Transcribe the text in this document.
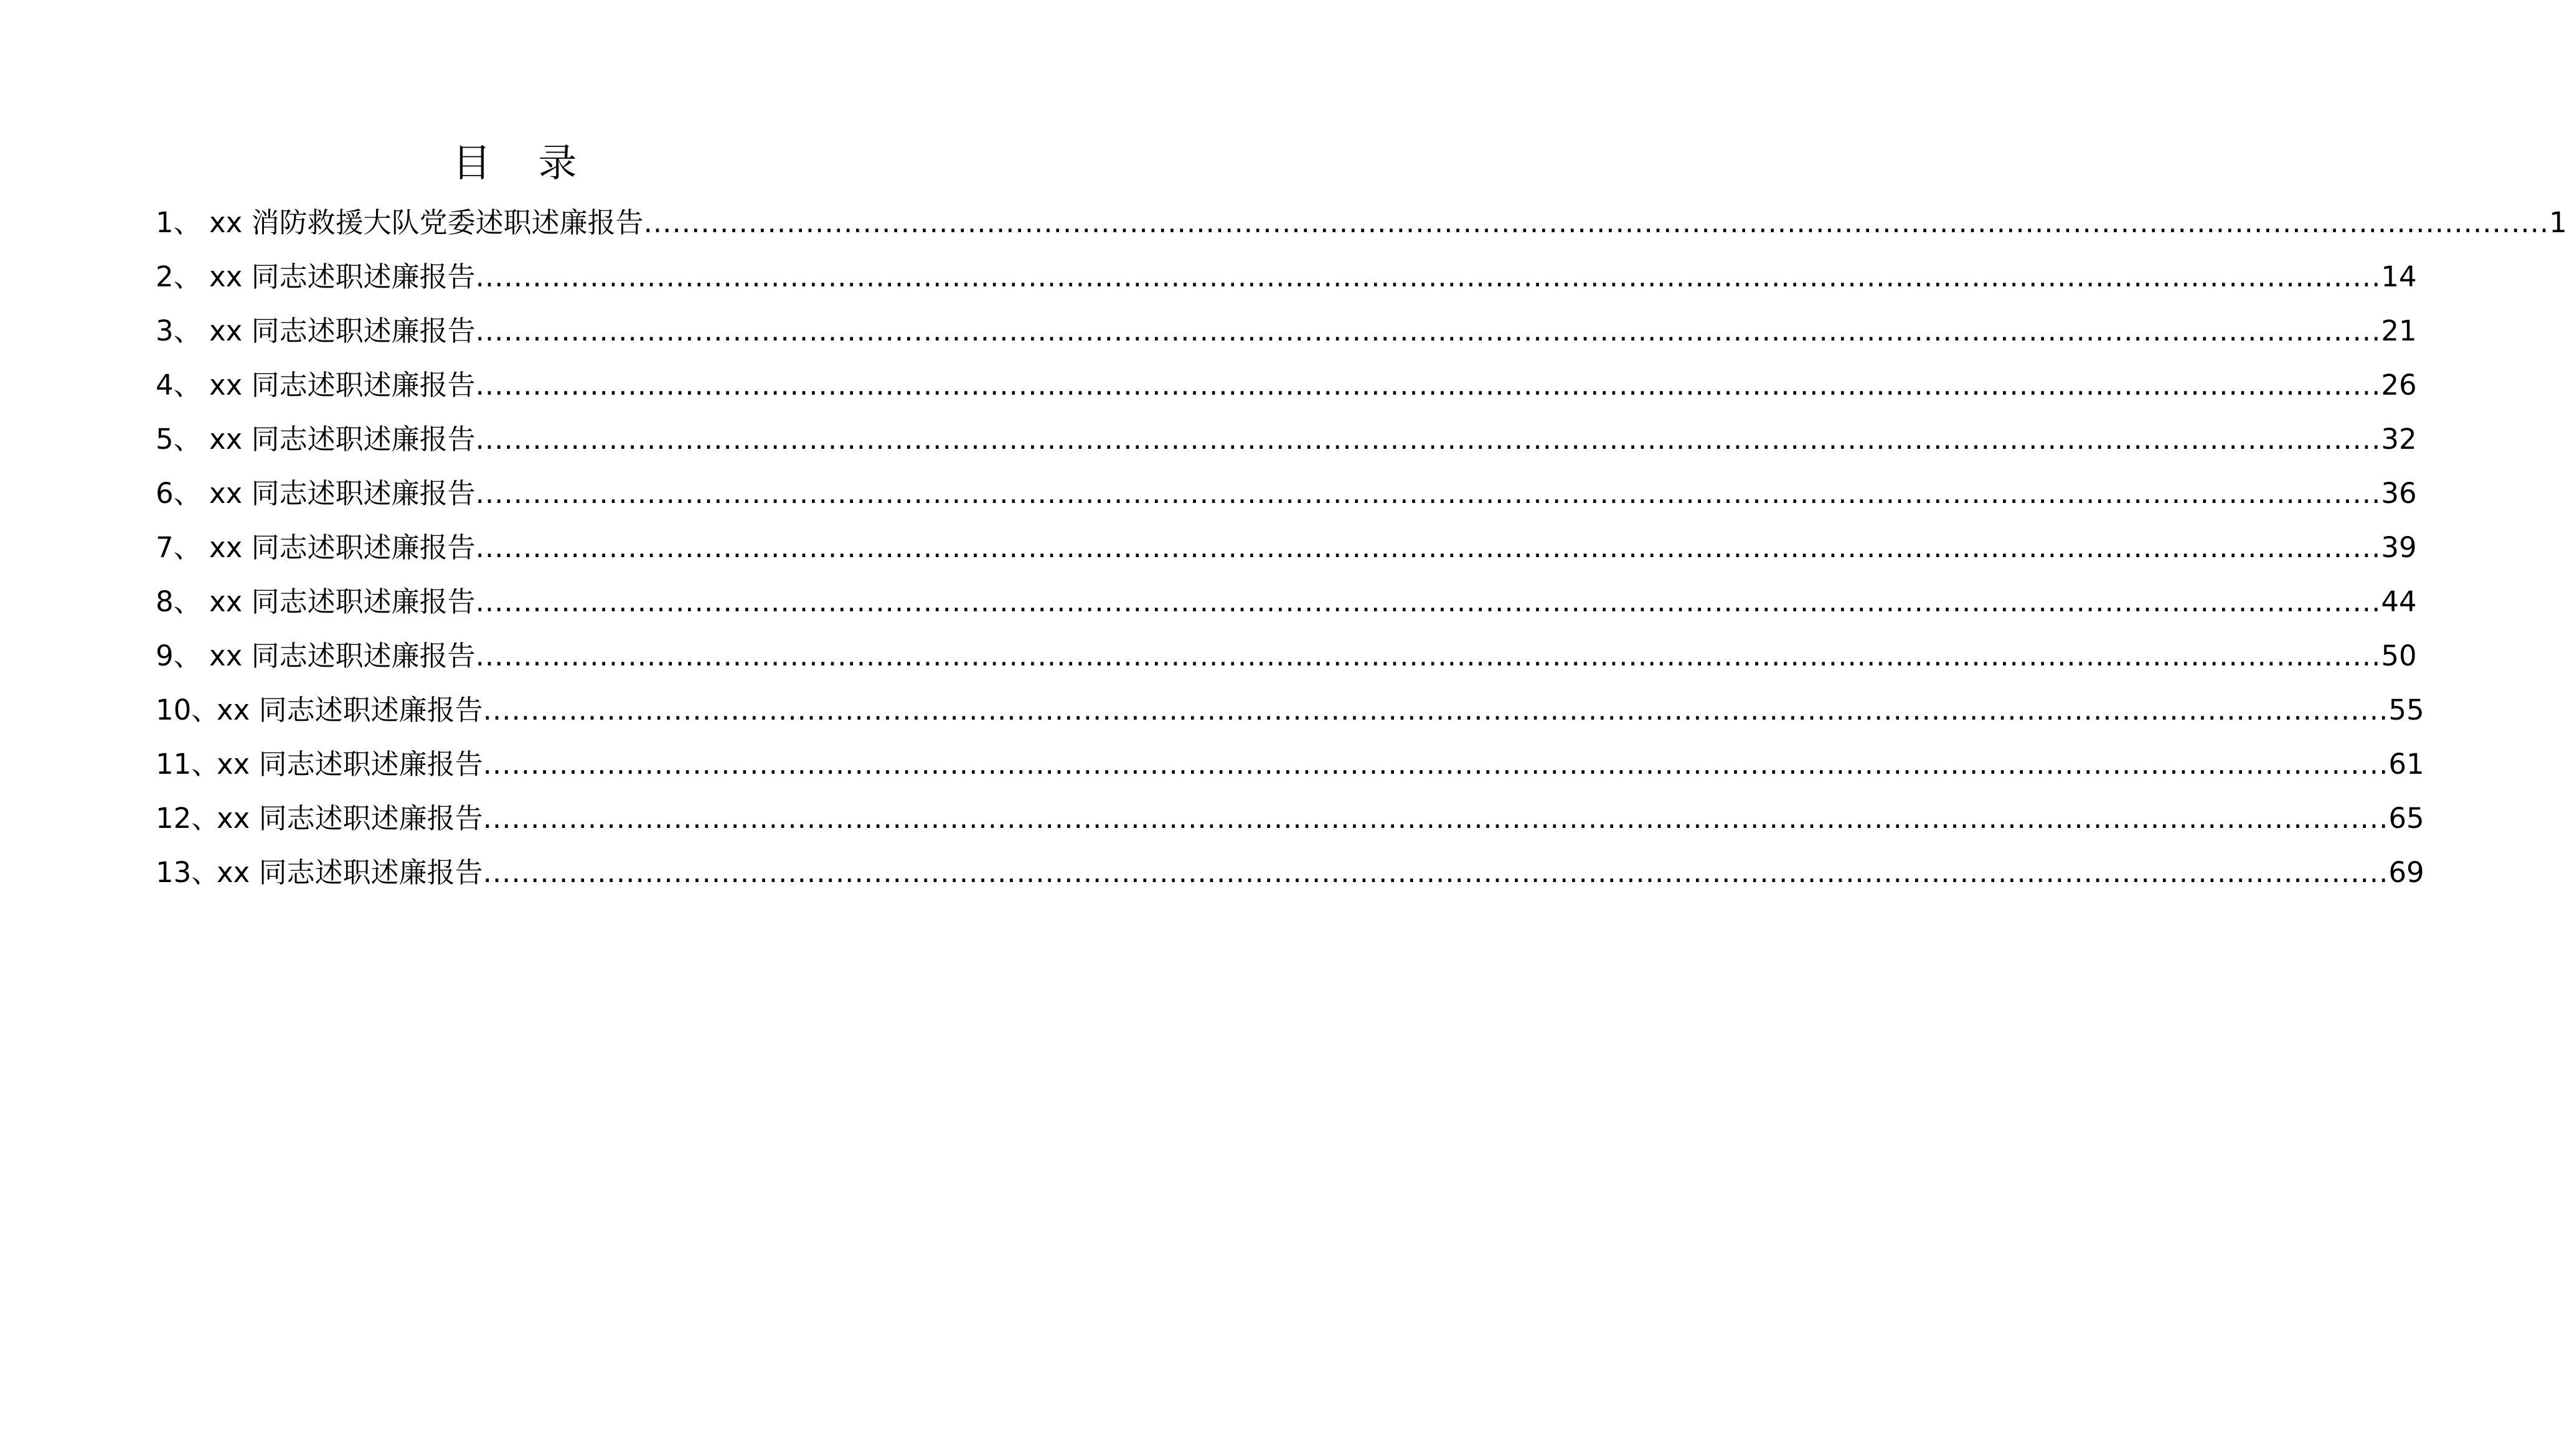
目 录
1、 xx 消防救援大队党委述职述廉报告 ........................................................................................................................................................................................................ 1
2、 xx 同志述职述廉报告 ........................................................................................................................................................................................................ 14
3、 xx 同志述职述廉报告 ........................................................................................................................................................................................................ 21
4、 xx 同志述职述廉报告 ........................................................................................................................................................................................................ 26
5、 xx 同志述职述廉报告 ........................................................................................................................................................................................................ 32
6、 xx 同志述职述廉报告 ........................................................................................................................................................................................................ 36
7、 xx 同志述职述廉报告 ........................................................................................................................................................................................................ 39
8、 xx 同志述职述廉报告 ........................................................................................................................................................................................................ 44
9、 xx 同志述职述廉报告 ........................................................................................................................................................................................................ 50
10、
xx 同志述职述廉报告 ........................................................................................................................................................................................................ 55
11、
xx 同志述职述廉报告 ........................................................................................................................................................................................................ 61
12、
xx 同志述职述廉报告 ........................................................................................................................................................................................................ 65
13、
xx 同志述职述廉报告 ........................................................................................................................................................................................................ 69
